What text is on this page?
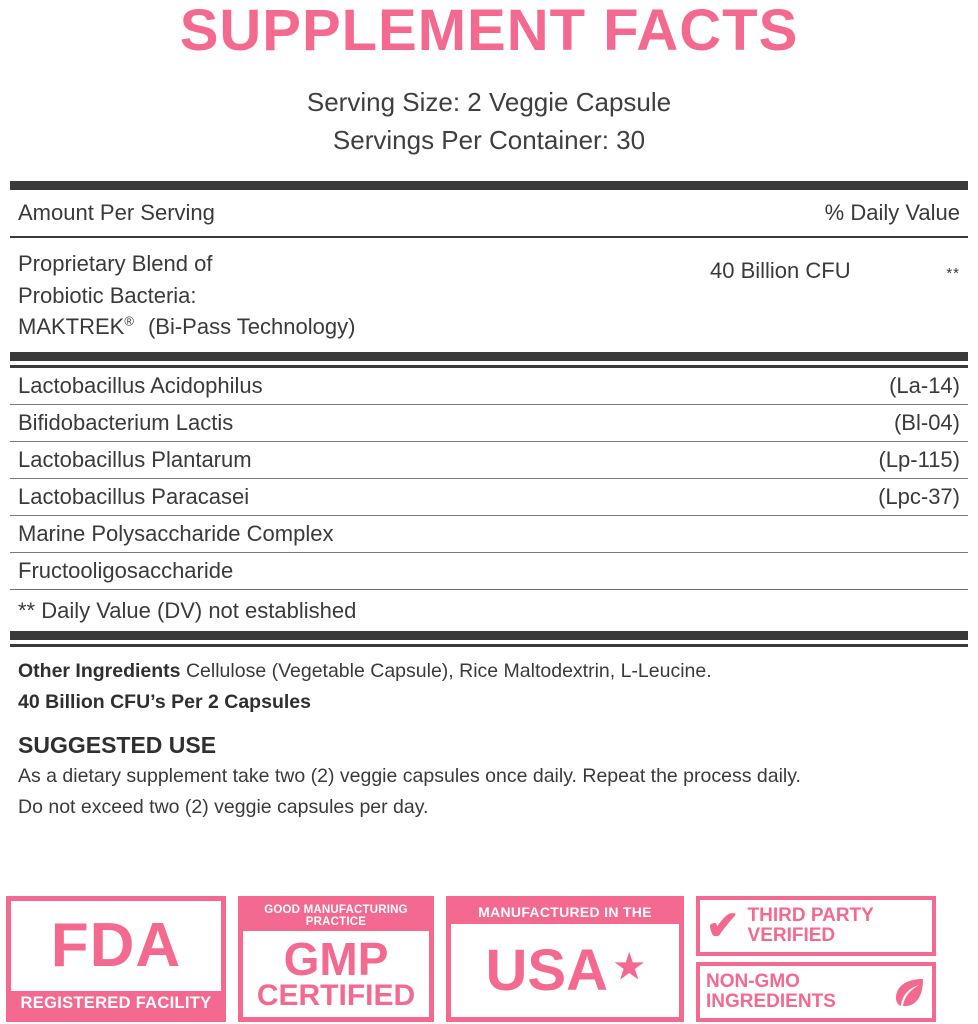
SUPPLEMENT FACTS
Serving Size: 2 Veggie Capsule
Servings Per Container: 30
Amount Per Serving	% Daily Value
Proprietary Blend of
Probiotic Bacteria:
MAKTREK® (Bi-Pass Technology)
40 Billion CFU	**
Lactobacillus Acidophilus	(La-14)
Bifidobacterium Lactis	(Bl-04)
Lactobacillus Plantarum	(Lp-115)
Lactobacillus Paracasei	(Lpc-37)
Marine Polysaccharide Complex
Fructooligosaccharide
** Daily Value (DV) not established
Other Ingredients Cellulose (Vegetable Capsule), Rice Maltodextrin, L-Leucine.
40 Billion CFU’s Per 2 Capsules
SUGGESTED USE
As a dietary supplement take two (2) veggie capsules once daily. Repeat the process daily.
Do not exceed two (2) veggie capsules per day.
FDA
REGISTERED FACILITY
GOOD MANUFACTURING PRACTICE
GMP
CERTIFIED
MANUFACTURED IN THE
USA ★
✔ THIRD PARTY
VERIFIED
NON-GMO
INGREDIENTS
